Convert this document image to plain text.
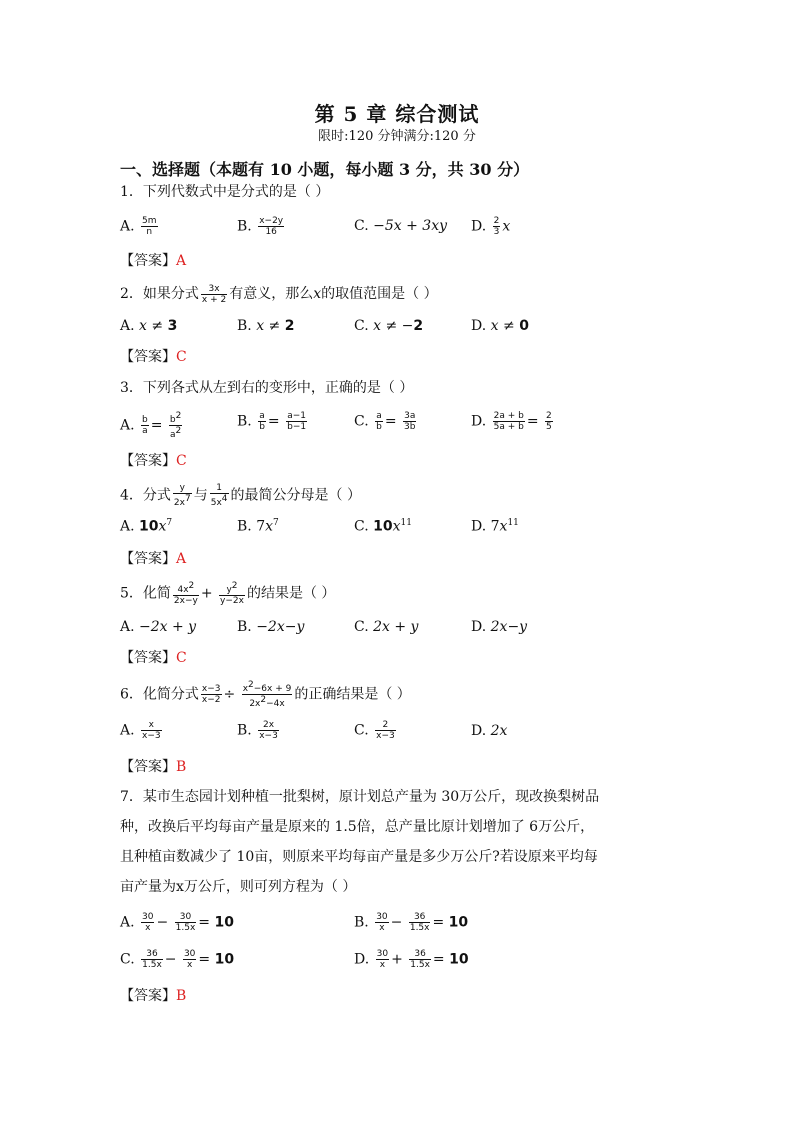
第 5 章 综合测试
限时:120 分钟满分:120 分
一、选择题（本题有 10 小题，每小题 3 分，共 30 分）
1．下列代数式中是分式的是（ ）
A. $\frac{5m}{n}$	B. $\frac{x-2y}{16}$	C. −5x + 3xy D. $\frac{2}{3}$ x
【答案】A
2．如果分式 $\frac{3x}{x + 2}$ 有意义，那么x的取值范围是（ ）
A. x ≠ 3	B. x ≠ 2	C. x ≠ −2	D. x ≠ 0
【答案】C
3．下列各式从左到右的变形中，正确的是（ ）
A. $\frac{b}{a} = \frac{b^2}{a^2}$	B. $\frac{a}{b} = \frac{a-1}{b-1}$	C. $\frac{a}{b} = \frac{3a}{3b}$	D. $\frac{2a + b}{5a + b} = \frac{2}{5}$
【答案】C
4．分式 $\frac{y}{2x^7}$ 与 $\frac{1}{5x^4}$ 的最简公分母是（ ）
A. $10x^7$	B. $7x^7$	C. $10x^{11}$	D. $7x^{11}$
【答案】A
5．化简 $\frac{4x^2}{2x-y} + \frac{y^2}{y-2x}$ 的结果是（ ）
A. −2x + y	B. −2x−y	C. 2x + y	D. 2x−y
【答案】C
6．化简分式 $\frac{x-3}{x-2} \div \frac{x^2-6x + 9}{2x^2-4x}$ 的正确结果是（ ）
A. $\frac{x}{x-3}$	B. $\frac{2x}{x-3}$	C. $\frac{2}{x-3}$	D. 2x
【答案】B
7．某市生态园计划种植一批梨树，原计划总产量为 30万公斤，现改换梨树品
种，改换后平均每亩产量是原来的 1.5倍，总产量比原计划增加了 6万公斤，
且种植亩数减少了 10亩，则原来平均每亩产量是多少万公斤?若设原来平均每
亩产量为x万公斤，则可列方程为（ ）
A. $\frac{30}{x} - \frac{30}{1.5x} = 10$	B. $\frac{30}{x} - \frac{36}{1.5x} = 10$
C. $\frac{36}{1.5x} - \frac{30}{x} = 10$	D. $\frac{30}{x} + \frac{36}{1.5x} = 10$
【答案】B
